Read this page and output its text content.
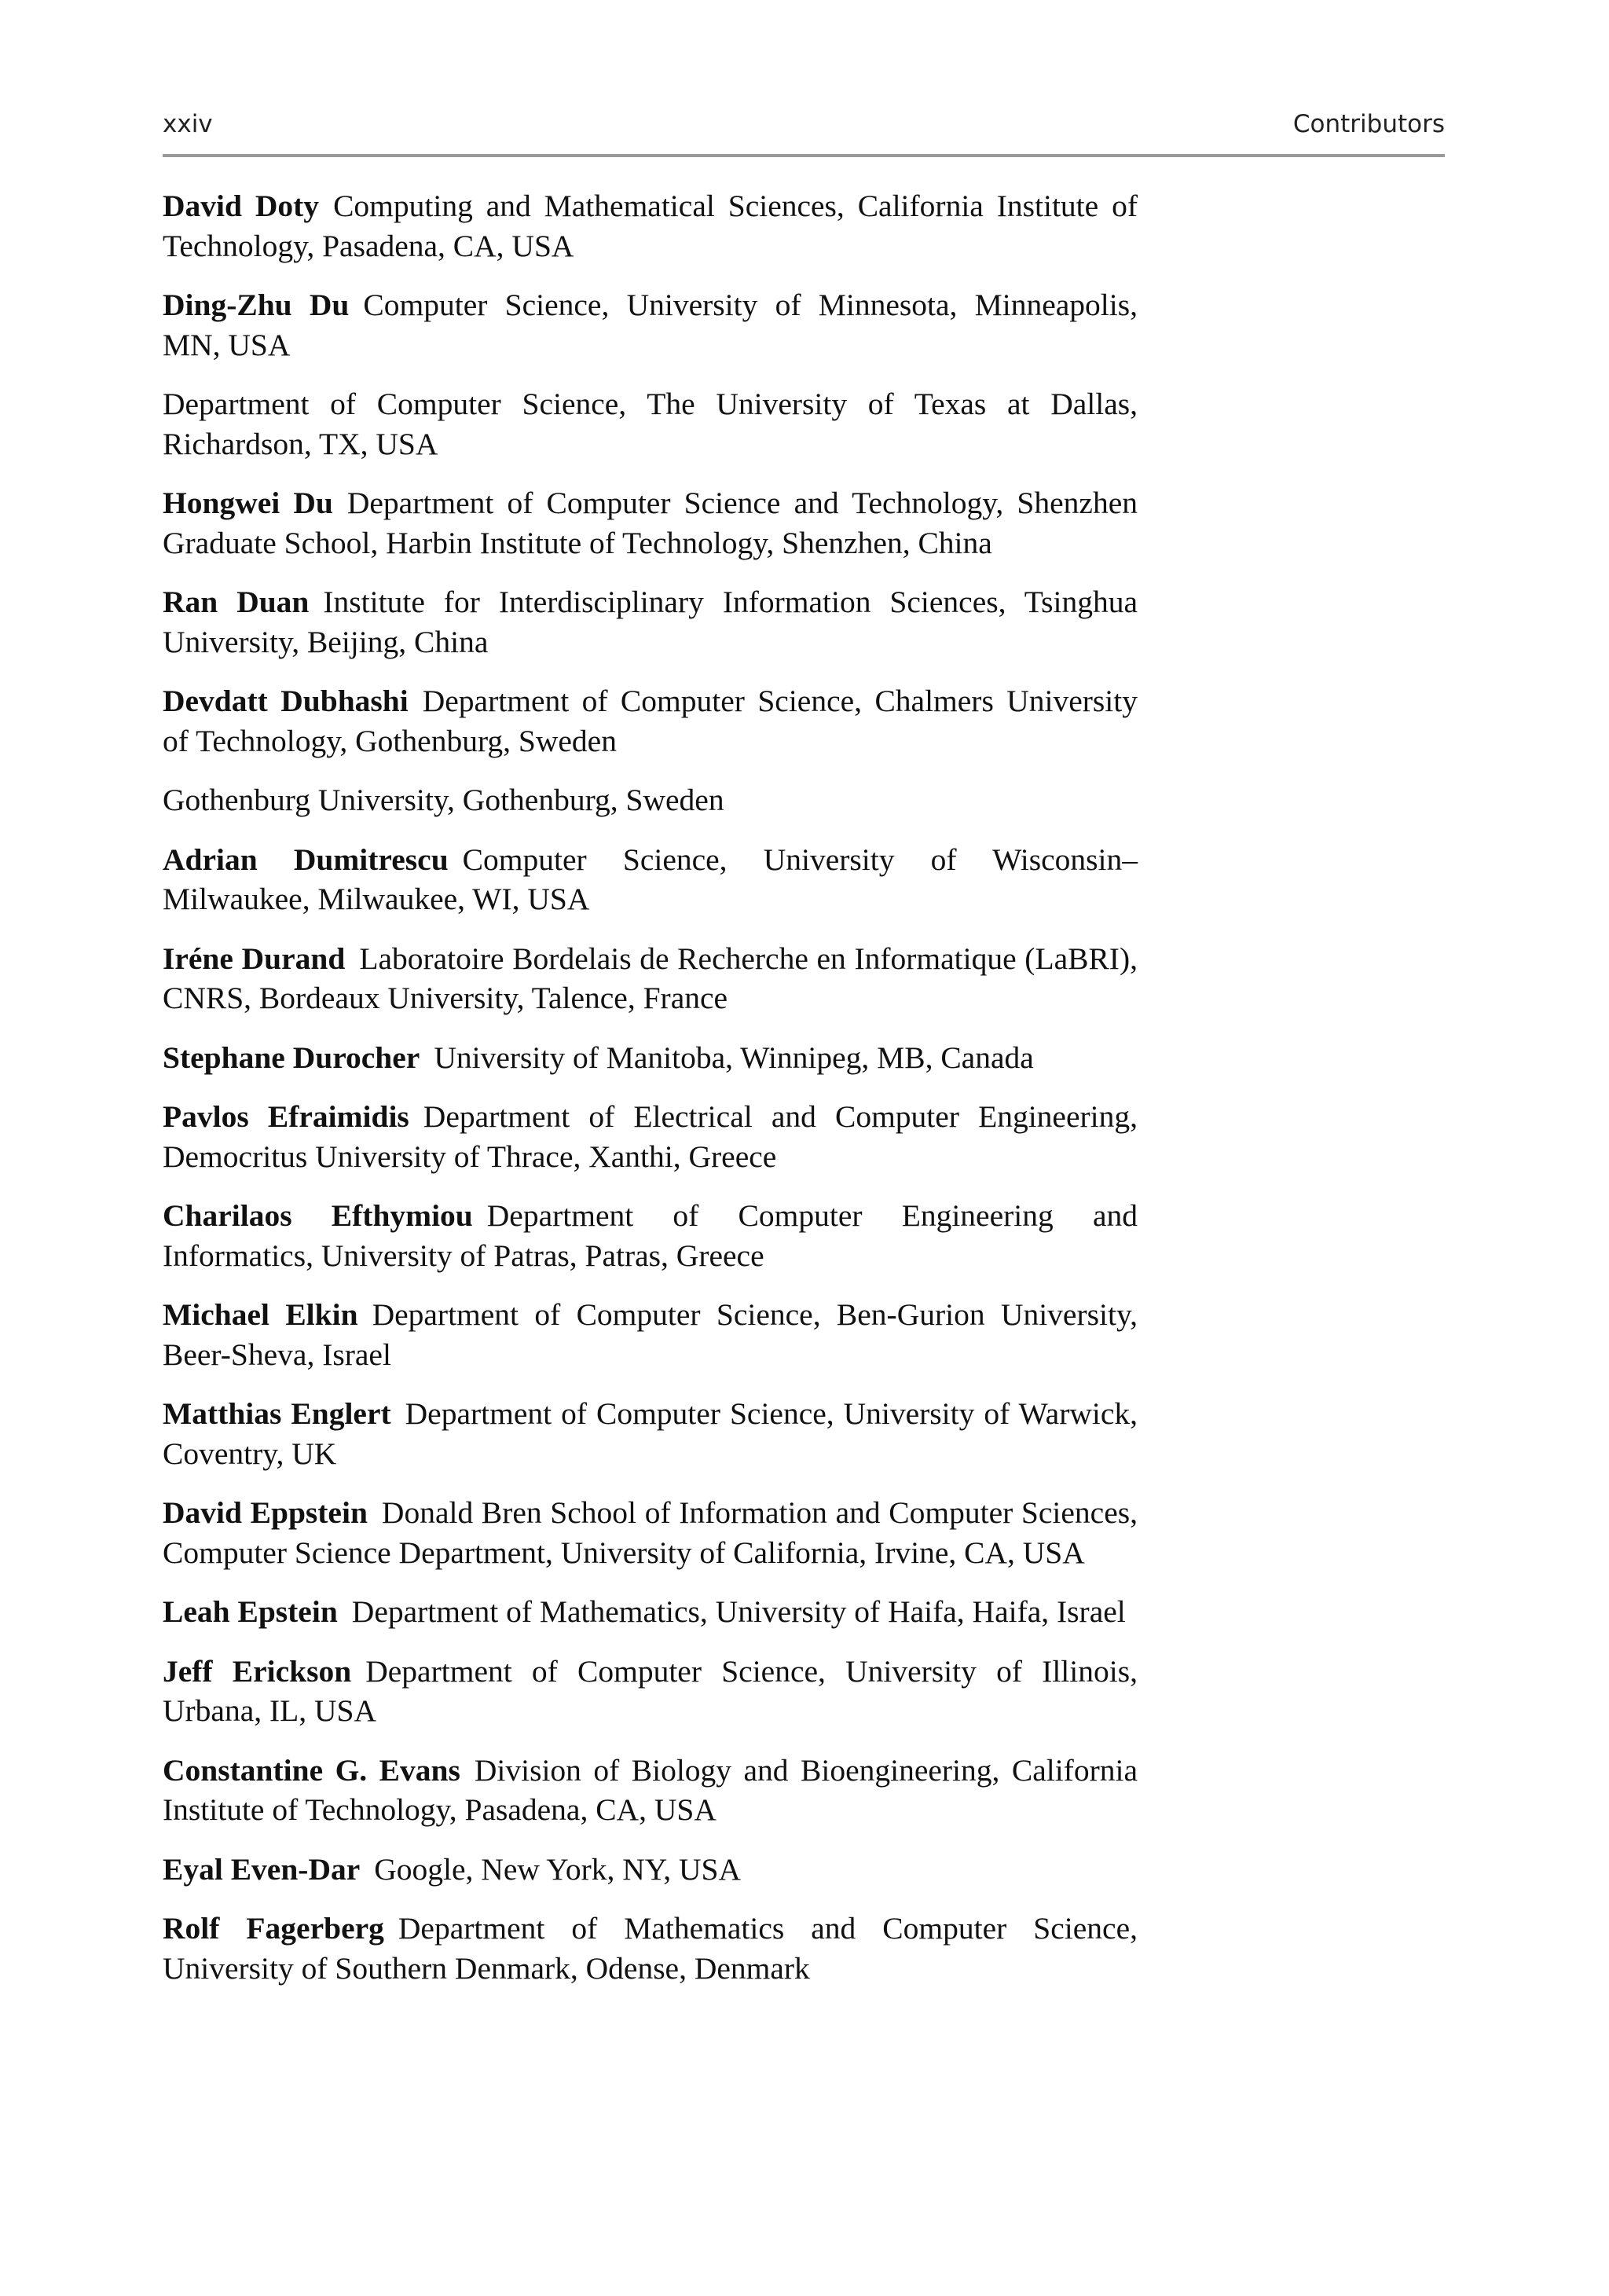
xxiv	Contributors

David Doty Computing and Mathematical Sciences, California Institute of Technology, Pasadena, CA, USA

Ding-Zhu Du Computer Science, University of Minnesota, Minneapolis, MN, USA

Department of Computer Science, The University of Texas at Dallas, Richardson, TX, USA

Hongwei Du Department of Computer Science and Technology, Shenzhen Graduate School, Harbin Institute of Technology, Shenzhen, China

Ran Duan Institute for Interdisciplinary Information Sciences, Tsinghua University, Beijing, China

Devdatt Dubhashi Department of Computer Science, Chalmers University of Technology, Gothenburg, Sweden

Gothenburg University, Gothenburg, Sweden

Adrian Dumitrescu Computer Science, University of Wisconsin–Milwaukee, Milwaukee, WI, USA

Iréne Durand Laboratoire Bordelais de Recherche en Informatique (LaBRI), CNRS, Bordeaux University, Talence, France

Stephane Durocher University of Manitoba, Winnipeg, MB, Canada

Pavlos Efraimidis Department of Electrical and Computer Engineering, Democritus University of Thrace, Xanthi, Greece

Charilaos Efthymiou Department of Computer Engineering and Informatics, University of Patras, Patras, Greece

Michael Elkin Department of Computer Science, Ben-Gurion University, Beer-Sheva, Israel

Matthias Englert Department of Computer Science, University of Warwick, Coventry, UK

David Eppstein Donald Bren School of Information and Computer Sciences, Computer Science Department, University of California, Irvine, CA, USA

Leah Epstein Department of Mathematics, University of Haifa, Haifa, Israel

Jeff Erickson Department of Computer Science, University of Illinois, Urbana, IL, USA

Constantine G. Evans Division of Biology and Bioengineering, California Institute of Technology, Pasadena, CA, USA

Eyal Even-Dar Google, New York, NY, USA

Rolf Fagerberg Department of Mathematics and Computer Science, University of Southern Denmark, Odense, Denmark
